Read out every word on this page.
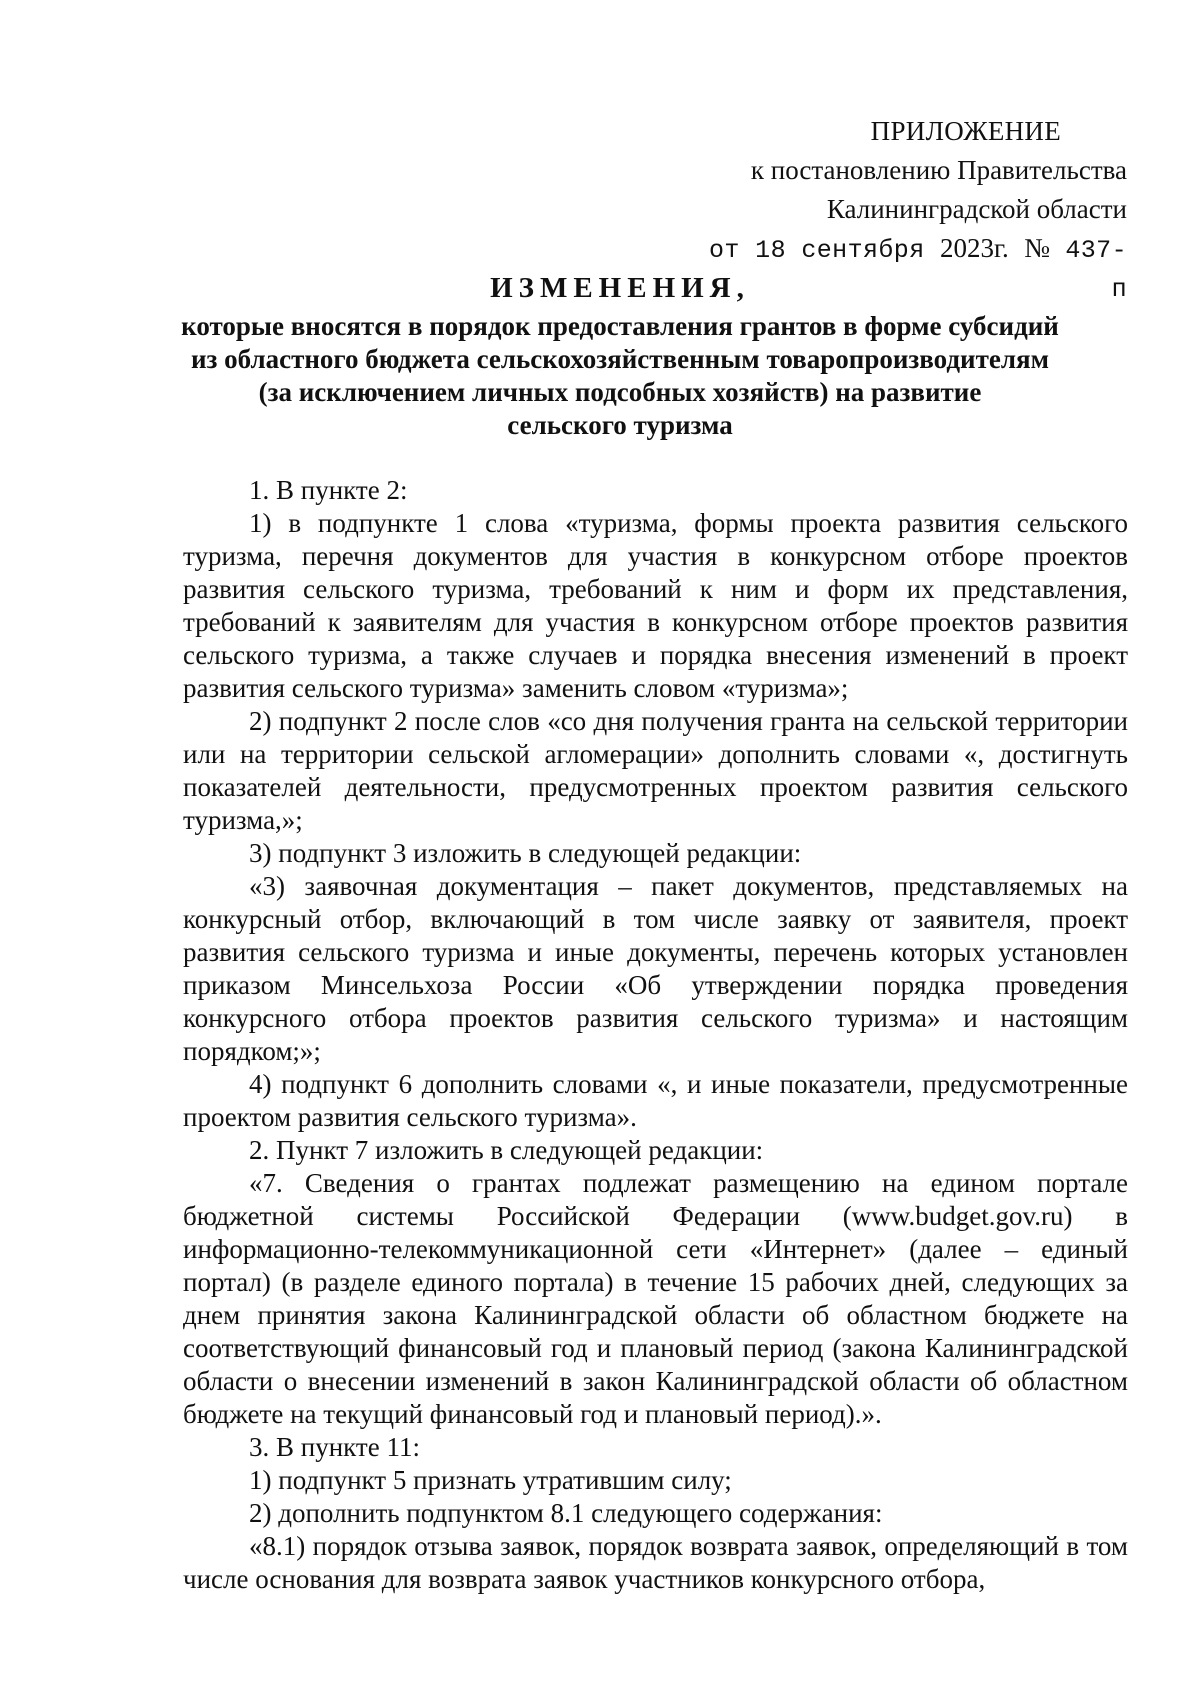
ПРИЛОЖЕНИЕ
к постановлению Правительства
Калининградской области
от 18 сентября 2023г. № 437-п
ИЗМЕНЕНИЯ,
которые вносятся в порядок предоставления грантов в форме субсидий
из областного бюджета сельскохозяйственным товаропроизводителям
(за исключением личных подсобных хозяйств) на развитие
сельского туризма

1. В пункте 2:

1) в подпункте 1 слова «туризма, формы проекта развития сельского туризма, перечня документов для участия в конкурсном отборе проектов развития сельского туризма, требований к ним и форм их представления, требований к заявителям для участия в конкурсном отборе проектов развития сельского туризма, а также случаев и порядка внесения изменений в проект развития сельского туризма» заменить словом «туризма»;

2) подпункт 2 после слов «со дня получения гранта на сельской территории или на территории сельской агломерации» дополнить словами «, достигнуть показателей деятельности, предусмотренных проектом развития сельского туризма,»;

3) подпункт 3 изложить в следующей редакции:

«3) заявочная документация – пакет документов, представляемых на конкурсный отбор, включающий в том числе заявку от заявителя, проект развития сельского туризма и иные документы, перечень которых установлен приказом Минсельхоза России «Об утверждении порядка проведения конкурсного отбора проектов развития сельского туризма» и настоящим порядком;»;

4) подпункт 6 дополнить словами «, и иные показатели, предусмотренные проектом развития сельского туризма».

2. Пункт 7 изложить в следующей редакции:

«7. Сведения о грантах подлежат размещению на едином портале бюджетной системы Российской Федерации (www.budget.gov.ru) в информационно-телекоммуникационной сети «Интернет» (далее – единый портал) (в разделе единого портала) в течение 15 рабочих дней, следующих за днем принятия закона Калининградской области об областном бюджете на соответствующий финансовый год и плановый период (закона Калининградской области о внесении изменений в закон Калининградской области об областном бюджете на текущий финансовый год и плановый период).».

3. В пункте 11:

1) подпункт 5 признать утратившим силу;

2) дополнить подпунктом 8.1 следующего содержания:

«8.1) порядок отзыва заявок, порядок возврата заявок, определяющий в том числе основания для возврата заявок участников конкурсного отбора,
